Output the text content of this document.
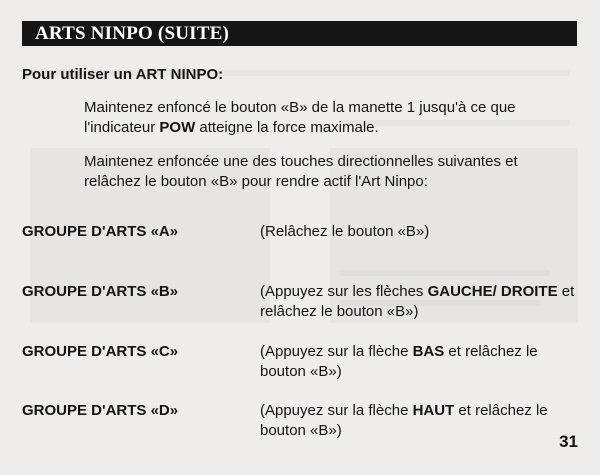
ARTS NINPO (SUITE)

Pour utiliser un ART NINPO:

Maintenez enfoncé le bouton «B» de la manette 1 jusqu'à ce que l'indicateur POW atteigne la force maximale.

Maintenez enfoncée une des touches directionnelles suivantes et relâchez le bouton «B» pour rendre actif l'Art Ninpo:

GROUPE D'ARTS «A»	(Relâchez le bouton «B»)

GROUPE D'ARTS «B»	(Appuyez sur les flèches GAUCHE/ DROITE et relâchez le bouton «B»)

GROUPE D'ARTS «C»	(Appuyez sur la flèche BAS et relâchez le bouton «B»)

GROUPE D'ARTS «D»	(Appuyez sur la flèche HAUT et relâchez le bouton «B»)

31
